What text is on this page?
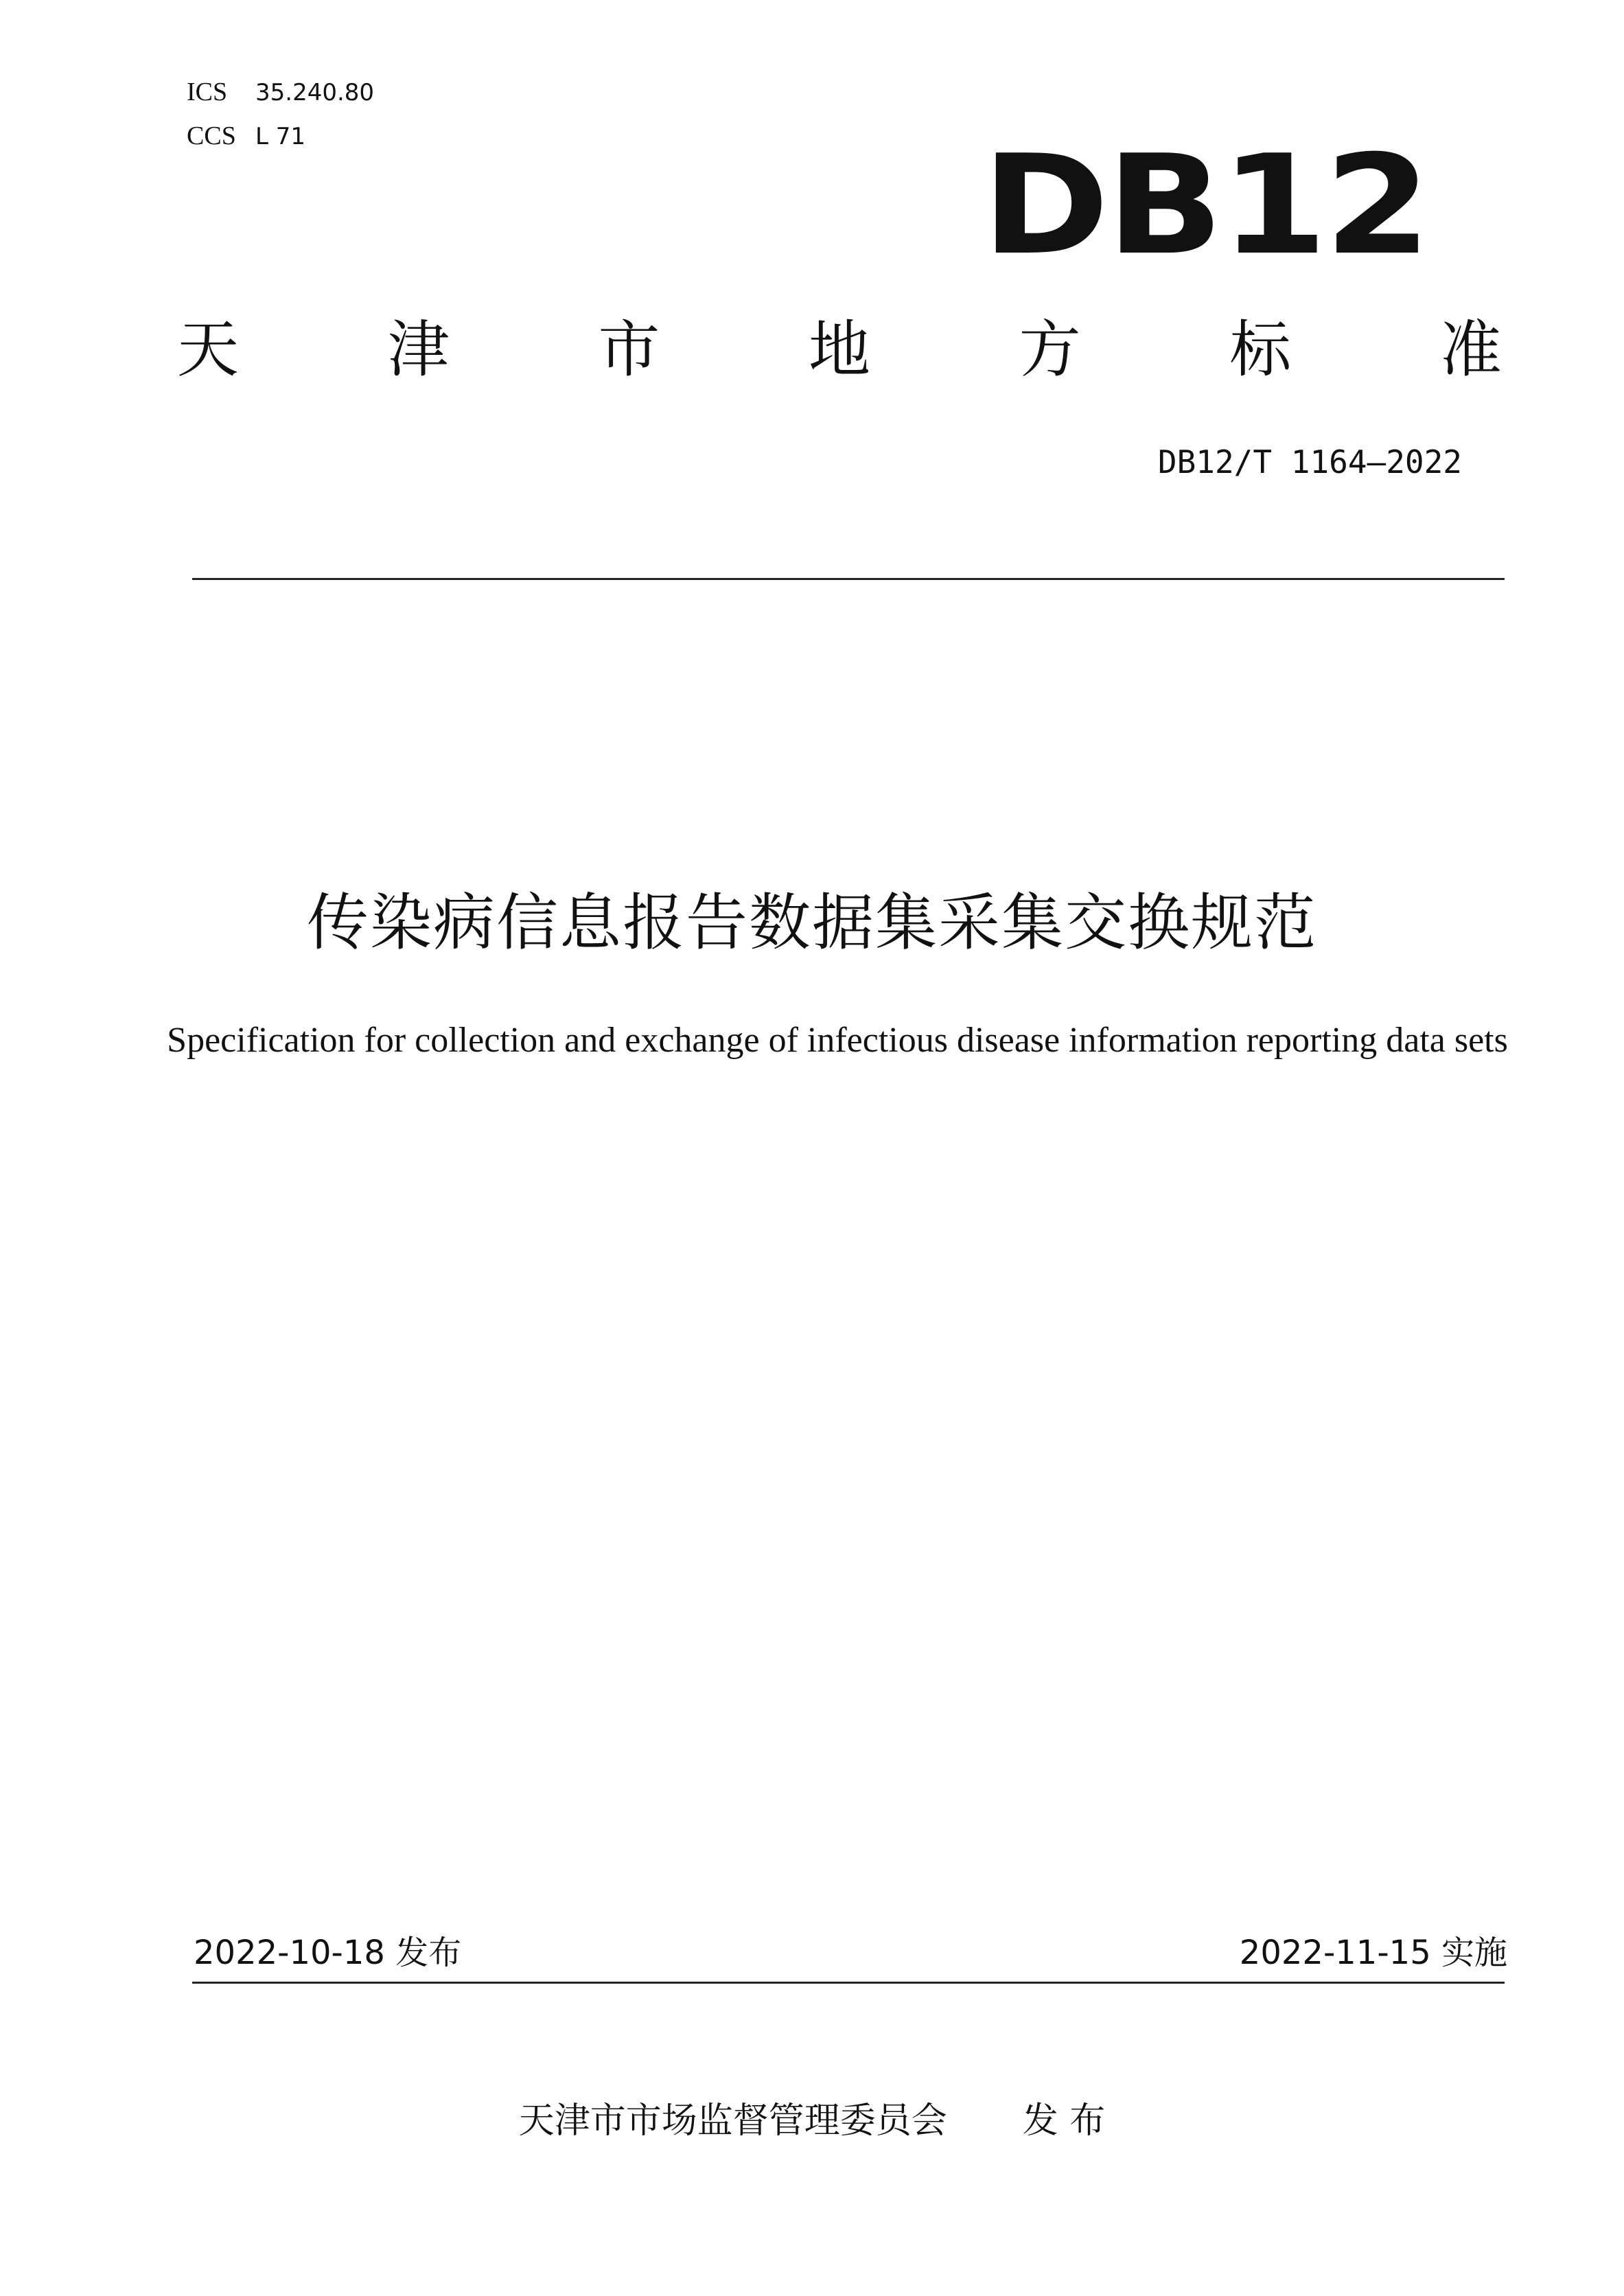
ICS 35.240.80
CCS L 71	DB12
天 津 市 地 方 标 准
DB12/T 1164—2022
传染病信息报告数据集采集交换规范
Specification for collection and exchange of infectious disease information reporting data sets
2022-10-18 发布	2022-11-15 实施
天津市市场监督管理委员会 发 布
